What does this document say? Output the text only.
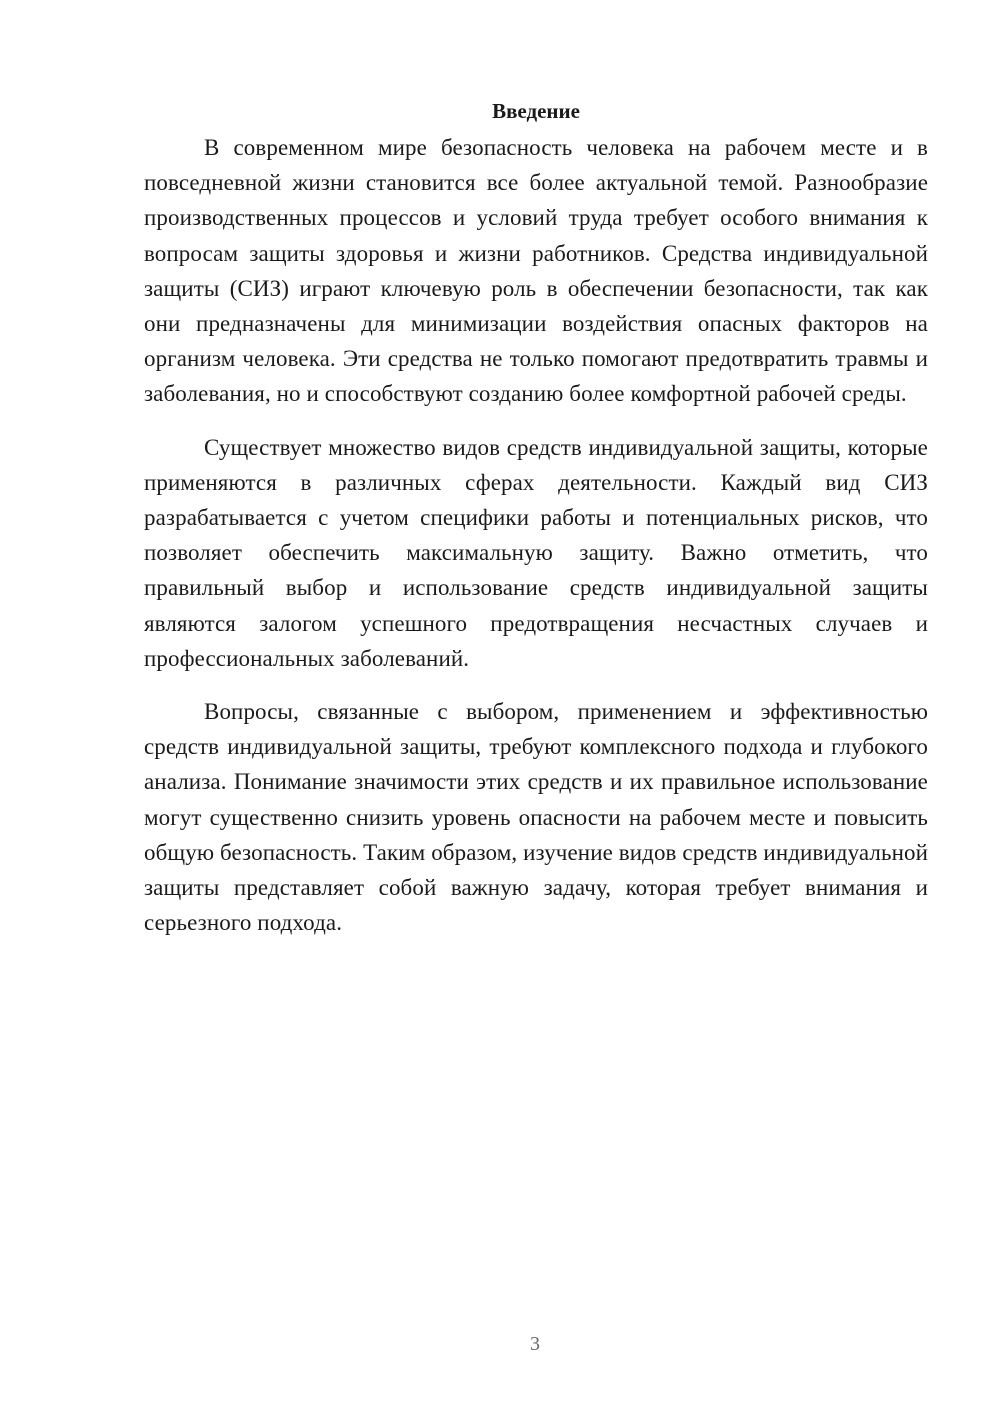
Введение

В современном мире безопасность человека на рабочем месте и в повседневной жизни становится все более актуальной темой. Разнообразие производственных процессов и условий труда требует особого внимания к вопросам защиты здоровья и жизни работников. Средства индивидуальной защиты (СИЗ) играют ключевую роль в обеспечении безопасности, так как они предназначены для минимизации воздействия опасных факторов на организм человека. Эти средства не только помогают предотвратить травмы и заболевания, но и способствуют созданию более комфортной рабочей среды.

Существует множество видов средств индивидуальной защиты, которые применяются в различных сферах деятельности. Каждый вид СИЗ разрабатывается с учетом специфики работы и потенциальных рисков, что позволяет обеспечить максимальную защиту. Важно отметить, что правильный выбор и использование средств индивидуальной защиты являются залогом успешного предотвращения несчастных случаев и профессиональных заболеваний.

Вопросы, связанные с выбором, применением и эффективностью средств индивидуальной защиты, требуют комплексного подхода и глубокого анализа. Понимание значимости этих средств и их правильное использование могут существенно снизить уровень опасности на рабочем месте и повысить общую безопасность. Таким образом, изучение видов средств индивидуальной защиты представляет собой важную задачу, которая требует внимания и серьезного подхода.

3
